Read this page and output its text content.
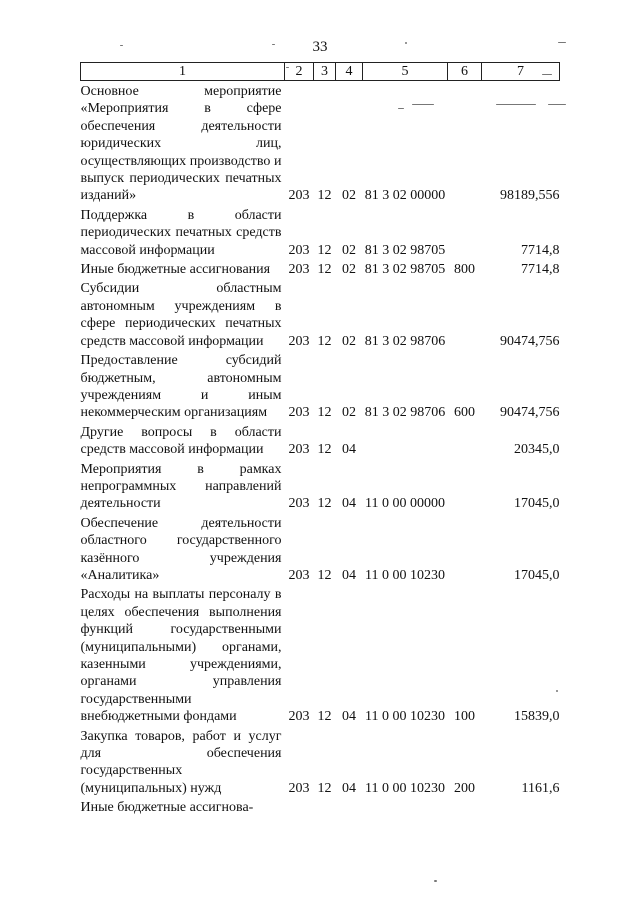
33
1	2	3	4	5	6	7
Основное мероприятие «Мероприятия в сфере обеспечения деятельности юридических лиц, осуществляющих производство и выпуск периодических печатных изданий»	203	12	02	81 3 02 00000		98189,556
Поддержка в области периодических печатных средств массовой информации	203	12	02	81 3 02 98705		7714,8
Иные бюджетные ассигнования	203	12	02	81 3 02 98705	800	7714,8
Субсидии областным автономным учреждениям в сфере периодических печатных средств массовой информации	203	12	02	81 3 02 98706		90474,756
Предоставление субсидий бюджетным, автономным учреждениям и иным некоммерческим организациям	203	12	02	81 3 02 98706	600	90474,756
Другие вопросы в области средств массовой информации	203	12	04			20345,0
Мероприятия в рамках непрограммных направлений деятельности	203	12	04	11 0 00 00000		17045,0
Обеспечение деятельности областного государственного казённого учреждения «Аналитика»	203	12	04	11 0 00 10230		17045,0
Расходы на выплаты персоналу в целях обеспечения выполнения функций государственными (муниципальными) органами, казенными учреждениями, органами управления государственными внебюджетными фондами	203	12	04	11 0 00 10230	100	15839,0
Закупка товаров, работ и услуг для обеспечения государственных (муниципальных) нужд	203	12	04	11 0 00 10230	200	1161,6
Иные бюджетные ассигнова-						
